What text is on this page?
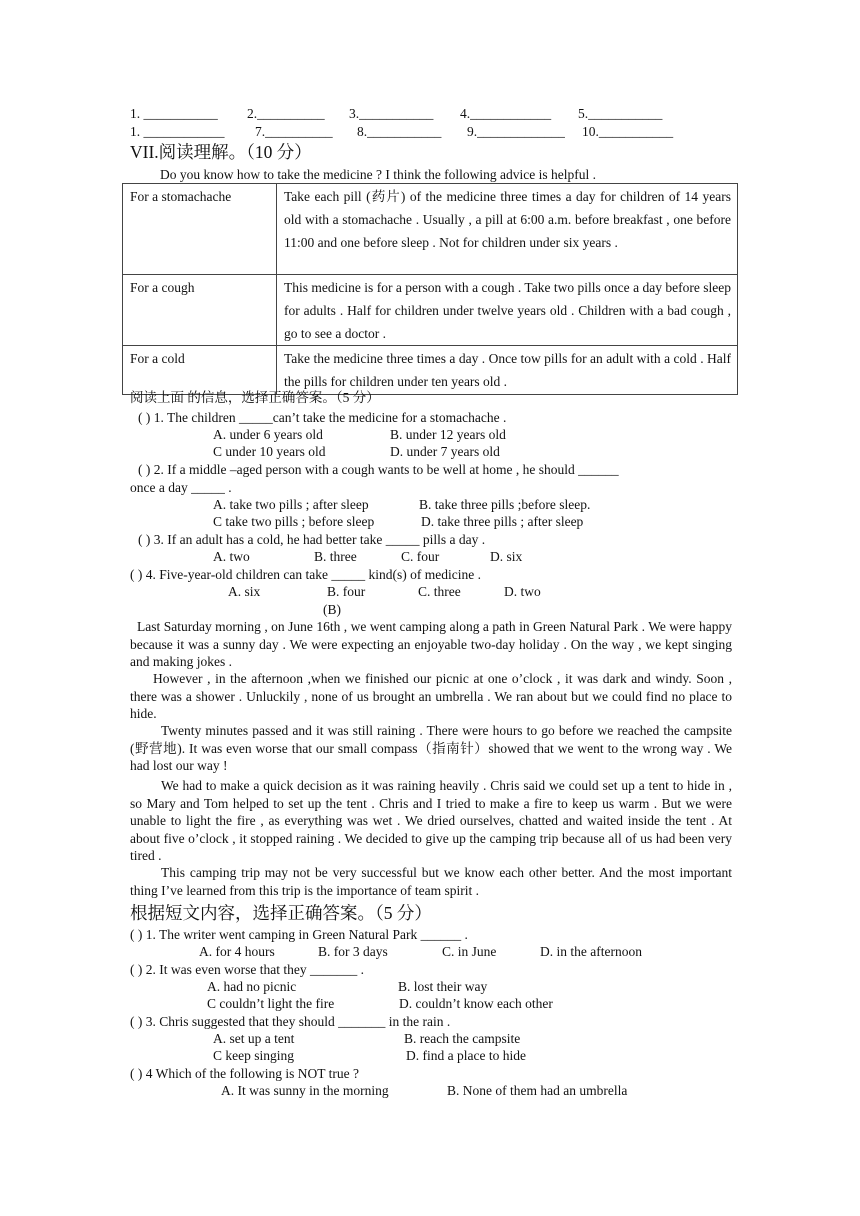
1. ___________ 2.__________ 3.___________ 4.____________ 5.___________
1. ____________ 7.__________ 8.___________ 9._____________ 10.___________
VII.阅读理解。（10 分）
Do you know how to take the medicine ? I think the following advice is helpful .
For a stomachache	Take each pill (药片) of the medicine three times a day for children of 14 years old with a stomachache . Usually , a pill at 6:00 a.m. before breakfast , one before 11:00 and one before sleep . Not for children under six years .
For a cough	This medicine is for a person with a cough . Take two pills once a day before sleep for adults . Half for children under twelve years old . Children with a bad cough , go to see a doctor .
For a cold	Take the medicine three times a day . Once tow pills for an adult with a cold . Half the pills for children under ten years old .
阅读上面 的信息，选择正确答案。（5 分）
( ) 1. The children _____can’t take the medicine for a stomachache .
A. under 6 years old	B. under 12 years old
C under 10 years old	D. under 7 years old
( ) 2. If a middle –aged person with a cough wants to be well at home , he should ______
once a day _____ .
A. take two pills ; after sleep	B. take three pills ;before sleep.
C take two pills ; before sleep	D. take three pills ; after sleep
( ) 3. If an adult has a cold, he had better take _____ pills a day .
A. two	B. three	C. four	D. six
( ) 4. Five-year-old children can take _____ kind(s) of medicine .
A. six	B. four	C. three	D. two
(B)
Last Saturday morning , on June 16th , we went camping along a path in Green Natural Park . We were happy because it was a sunny day . We were expecting an enjoyable two-day holiday . On the way , we kept singing and making jokes .
However , in the afternoon ,when we finished our picnic at one o’clock , it was dark and windy. Soon , there was a shower . Unluckily , none of us brought an umbrella . We ran about but we could find no place to hide.
Twenty minutes passed and it was still raining . There were hours to go before we reached the campsite (野营地). It was even worse that our small compass（指南针）showed that we went to the wrong way . We had lost our way !
We had to make a quick decision as it was raining heavily . Chris said we could set up a tent to hide in , so Mary and Tom helped to set up the tent . Chris and I tried to make a fire to keep us warm . But we were unable to light the fire , as everything was wet . We dried ourselves, chatted and waited inside the tent . At about five o’clock , it stopped raining . We decided to give up the camping trip because all of us had been very tired .
This camping trip may not be very successful but we know each other better. And the most important thing I’ve learned from this trip is the importance of team spirit .
根据短文内容，选择正确答案。（5 分）
( ) 1. The writer went camping in Green Natural Park ______ .
A. for 4 hours	B. for 3 days	C. in June	D. in the afternoon
( ) 2. It was even worse that they _______ .
A. had no picnic	B. lost their way
C couldn’t light the fire	D. couldn’t know each other
( ) 3. Chris suggested that they should _______ in the rain .
A. set up a tent	B. reach the campsite
C keep singing	D. find a place to hide
( ) 4 Which of the following is NOT true ?
A. It was sunny in the morning	B. None of them had an umbrella
